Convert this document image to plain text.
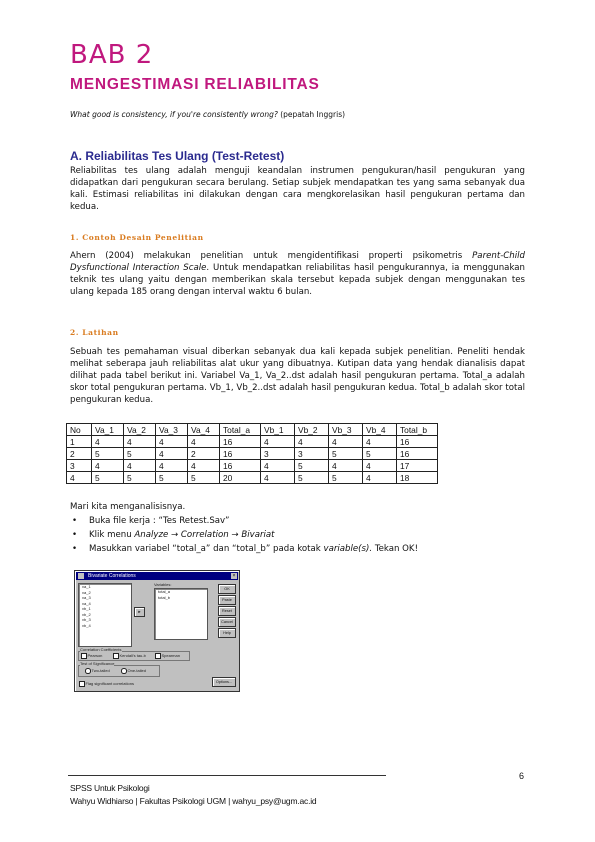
BAB 2
MENGESTIMASI RELIABILITAS
What good is consistency, if you're consistently wrong? (pepatah Inggris)
A. Reliabilitas Tes Ulang (Test-Retest)
Reliabilitas tes ulang adalah menguji keandalan instrumen pengukuran/hasil pengukuran yang didapatkan dari pengukuran secara berulang. Setiap subjek mendapatkan tes yang sama sebanyak dua kali. Estimasi reliabilitas ini dilakukan dengan cara mengkorelasikan hasil pengukuran pertama dan kedua.
1. Contoh Desain Penelitian
Ahern (2004) melakukan penelitian untuk mengidentifikasi properti psikometris Parent-Child Dysfunctional Interaction Scale. Untuk mendapatkan reliabilitas hasil pengukurannya, ia menggunakan teknik tes ulang yaitu dengan memberikan skala tersebut kepada subjek dengan menggunakan tes ulang kepada 185 orang dengan interval waktu 6 bulan.
2. Latihan
Sebuah tes pemahaman visual diberkan sebanyak dua kali kepada subjek penelitian. Peneliti hendak melihat seberapa jauh reliabilitas alat ukur yang dibuatnya. Kutipan data yang hendak dianalisis dapat dilihat pada tabel berikut ini. Variabel Va_1, Va_2..dst adalah hasil pengukuran pertama. Total_a adalah skor total pengukuran pertama. Vb_1, Vb_2..dst adalah hasil pengukuran kedua. Total_b adalah skor total pengukuran kedua.
No	Va_1	Va_2	Va_3	Va_4	Total_a	Vb_1	Vb_2	Vb_3	Vb_4	Total_b
1	4	4	4	4	16	4	4	4	4	16
2	5	5	4	2	16	3	3	5	5	16
3	4	4	4	4	16	4	5	4	4	17
4	5	5	5	5	20	4	5	5	4	18
Mari kita menganalisisnya.
• Buka file kerja : “Tes Retest.Sav”
• Klik menu Analyze → Correlation → Bivariat
• Masukkan variabel “total_a” dan “total_b” pada kotak variable(s). Tekan OK!
Bivariate Correlations	×
va_1
va_2
va_3
va_4
vb_1
vb_2
vb_3
vb_4
►
Variables:
total_a
total_b
OK
Paste
Reset
Cancel
Help
Correlation Coefficients
Pearson	Kendall's tau-b	Spearman
Test of Significance
Two-tailed	One-tailed
Flag significant correlations	Options...
6
SPSS Untuk Psikologi
Wahyu Widhiarso | Fakultas Psikologi UGM | wahyu_psy@ugm.ac.id
